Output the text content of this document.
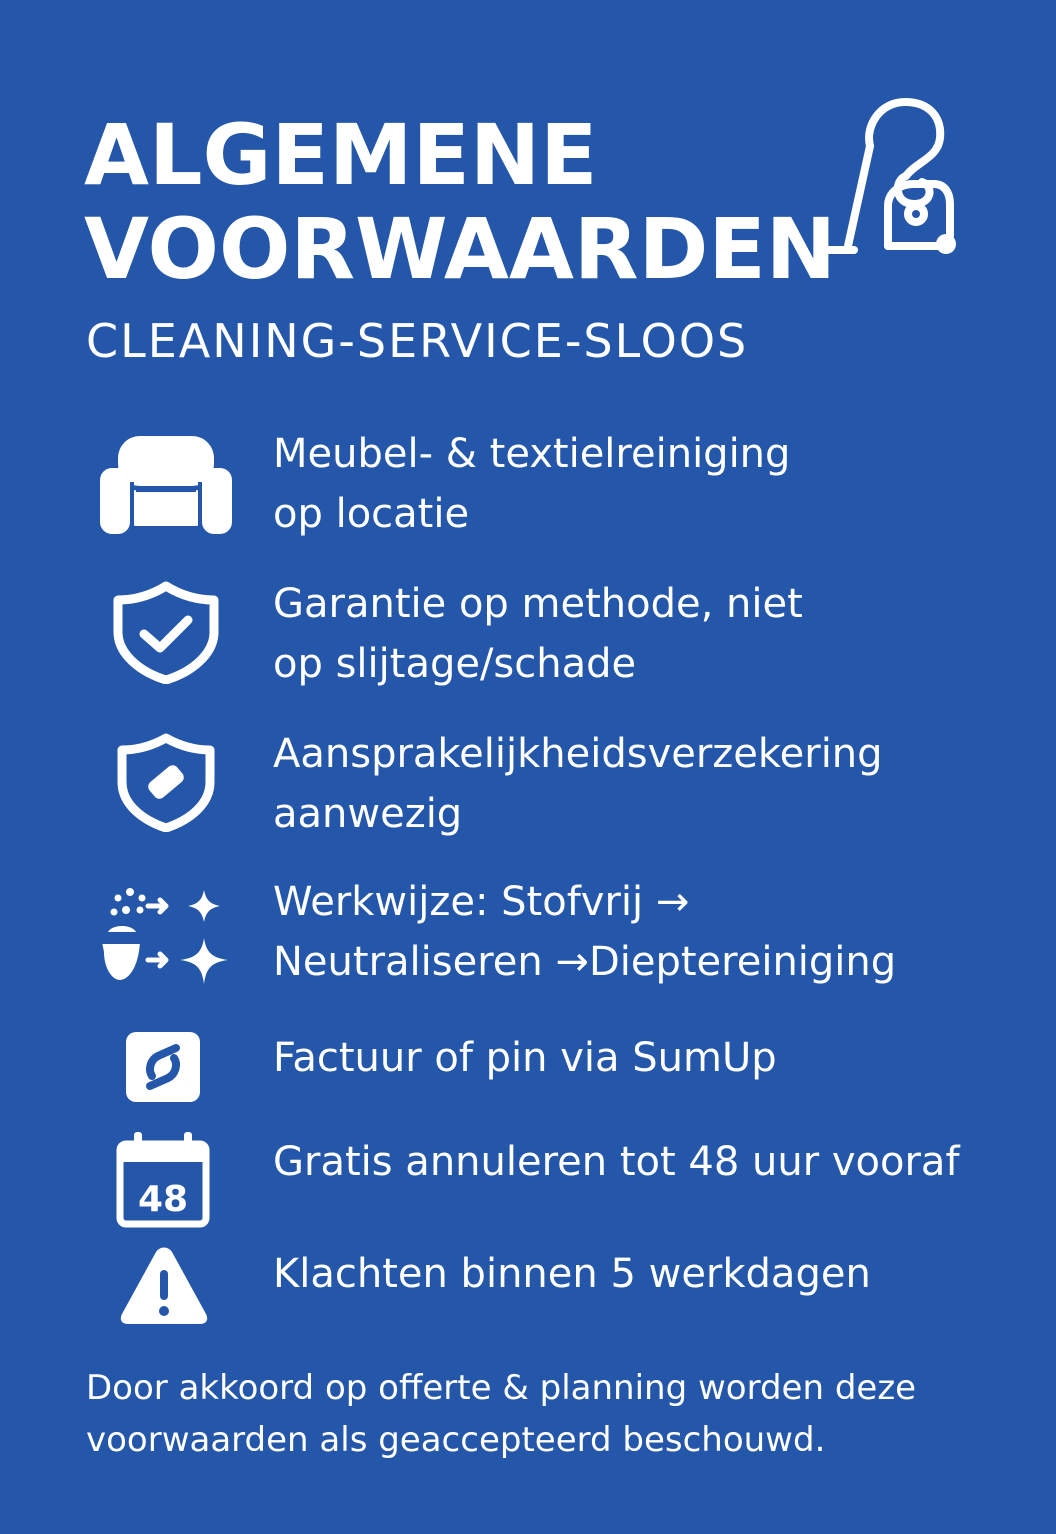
ALGEMENE
VOORWAARDEN

CLEANING-SERVICE-SLOOS

Meubel- & textielreiniging
op locatie

Garantie op methode, niet
op slijtage/schade

Aansprakelijkheidsverzekering
aanwezig

Werkwijze: Stofvrij →
Neutraliseren →Dieptereiniging

Factuur of pin via SumUp

48

Gratis annuleren tot 48 uur vooraf

Klachten binnen 5 werkdagen

Door akkoord op offerte & planning worden deze
voorwaarden als geaccepteerd beschouwd.
